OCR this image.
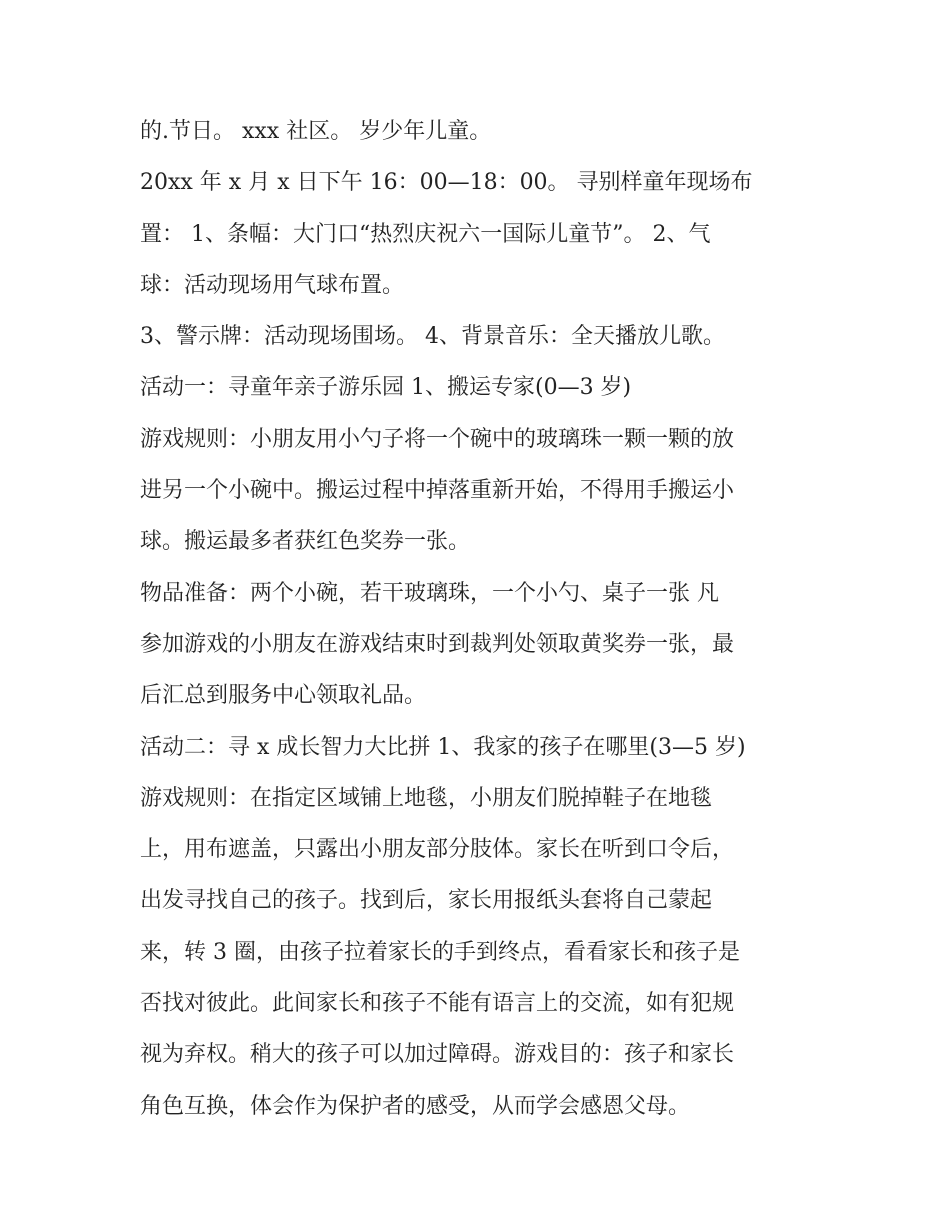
的.节日。 xxx 社区。 岁少年儿童。
20xx 年 x 月 x 日下午 16：00—18：00。 寻别样童年现场布
置： 1、条幅：大门口“热烈庆祝六一国际儿童节”。 2、气
球：活动现场用气球布置。
3、警示牌：活动现场围场。 4、背景音乐：全天播放儿歌。
活动一：寻童年亲子游乐园 1、搬运专家(0—3 岁)
游戏规则：小朋友用小勺子将一个碗中的玻璃珠一颗一颗的放
进另一个小碗中。搬运过程中掉落重新开始，不得用手搬运小
球。搬运最多者获红色奖券一张。
物品准备：两个小碗，若干玻璃珠，一个小勺、桌子一张 凡
参加游戏的小朋友在游戏结束时到裁判处领取黄奖券一张，最
后汇总到服务中心领取礼品。
活动二：寻 x 成长智力大比拼 1、我家的孩子在哪里(3—5 岁)
游戏规则：在指定区域铺上地毯，小朋友们脱掉鞋子在地毯
上，用布遮盖，只露出小朋友部分肢体。家长在听到口令后，
出发寻找自己的孩子。找到后，家长用报纸头套将自己蒙起
来，转 3 圈，由孩子拉着家长的手到终点，看看家长和孩子是
否找对彼此。此间家长和孩子不能有语言上的交流，如有犯规
视为弃权。稍大的孩子可以加过障碍。游戏目的：孩子和家长
角色互换，体会作为保护者的感受，从而学会感恩父母。
